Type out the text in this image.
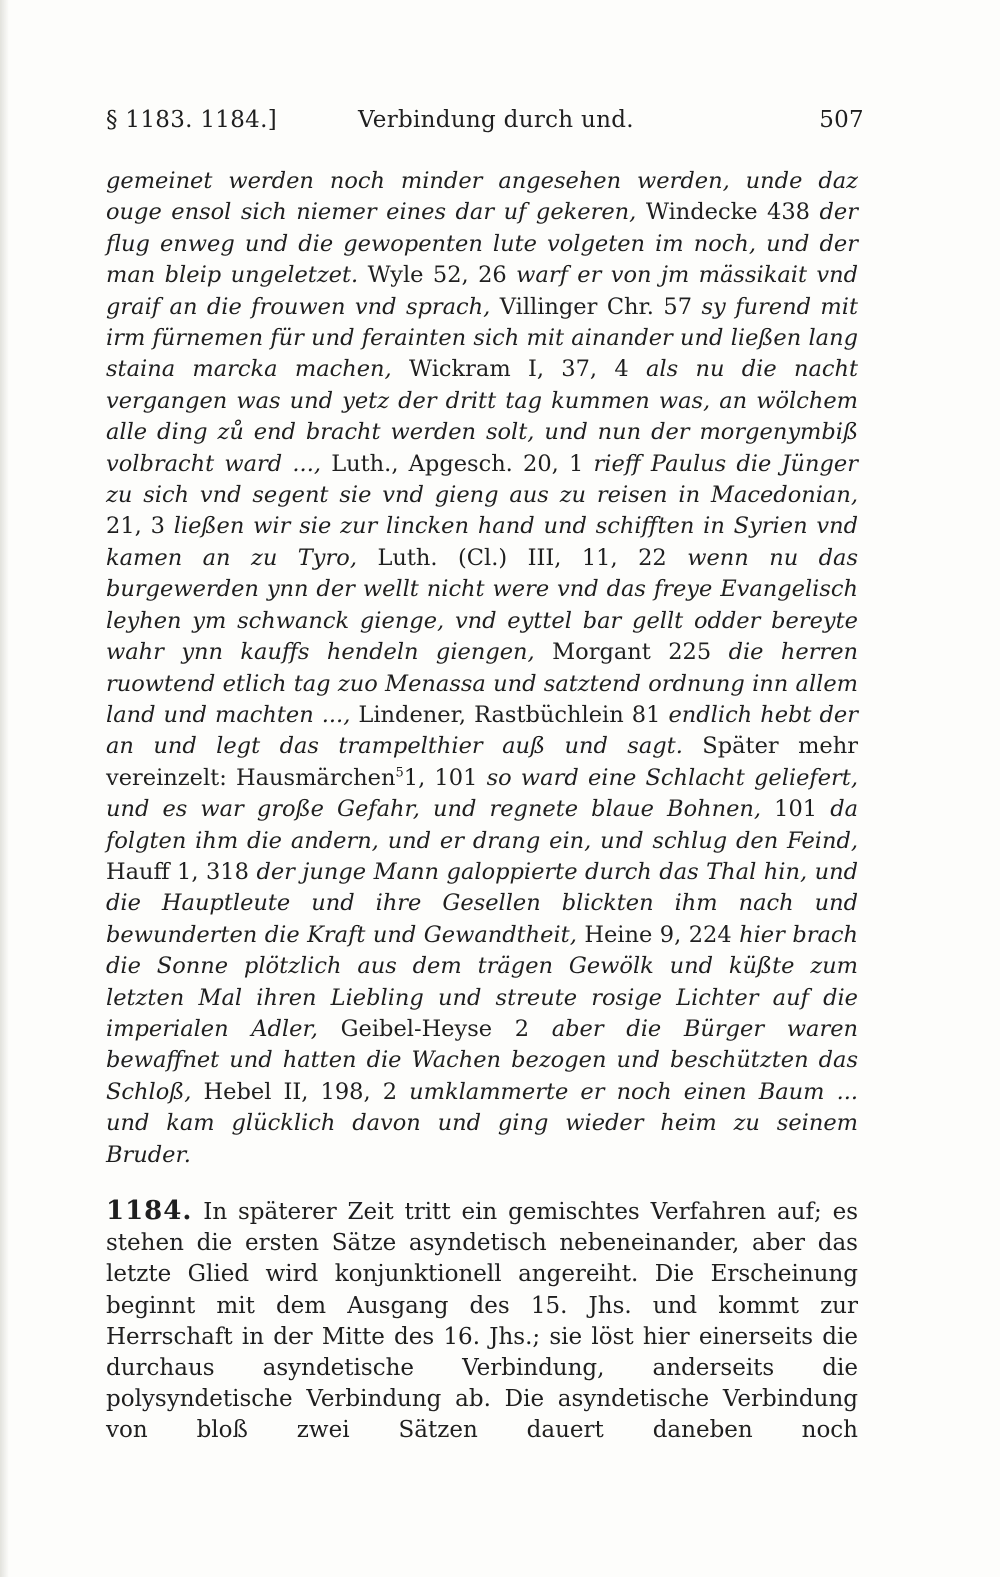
§ 1183. 1184.]	Verbindung durch und.	507
gemeinet werden noch minder angesehen werden, unde daz ouge ensol sich niemer eines dar uf gekeren, Windecke 438 der flug enweg und die gewopenten lute volgeten im noch, und der man bleip ungeletzet. Wyle 52, 26 warf er von jm mässikait vnd graif an die frouwen vnd sprach, Villinger Chr. 57 sy furend mit irm fürnemen für und ferainten sich mit ainander und ließen lang staina marcka machen, Wickram I, 37, 4 als nu die nacht vergangen was und yetz der dritt tag kummen was, an wölchem alle ding zů end bracht werden solt, und nun der morgenymbiß volbracht ward ..., Luth., Apgesch. 20, 1 rieff Paulus die Jünger zu sich vnd segent sie vnd gieng aus zu reisen in Macedonian, 21, 3 ließen wir sie zur lincken hand und schifften in Syrien vnd kamen an zu Tyro, Luth. (Cl.) III, 11, 22 wenn nu das burgewerden ynn der wellt nicht were vnd das freye Evangelisch leyhen ym schwanck gienge, vnd eyttel bar gellt odder bereyte wahr ynn kauffs hendeln giengen, Morgant 225 die herren ruowtend etlich tag zuo Menassa und satztend ordnung inn allem land und machten ..., Lindener, Rastbüchlein 81 endlich hebt der an und legt das trampelthier auß und sagt. Später mehr vereinzelt: Hausmärchen$^5$1, 101 so ward eine Schlacht geliefert, und es war große Gefahr, und regnete blaue Bohnen, 101 da folgten ihm die andern, und er drang ein, und schlug den Feind, Hauff 1, 318 der junge Mann galoppierte durch das Thal hin, und die Hauptleute und ihre Gesellen blickten ihm nach und bewunderten die Kraft und Gewandtheit, Heine 9, 224 hier brach die Sonne plötzlich aus dem trägen Gewölk und küßte zum letzten Mal ihren Liebling und streute rosige Lichter auf die imperialen Adler, Geibel-Heyse 2 aber die Bürger waren bewaffnet und hatten die Wachen bezogen und beschützten das Schloß, Hebel II, 198, 2 umklammerte er noch einen Baum ... und kam glücklich davon und ging wieder heim zu seinem Bruder.
1184. In späterer Zeit tritt ein gemischtes Verfahren auf; es stehen die ersten Sätze asyndetisch nebeneinander, aber das letzte Glied wird konjunktionell angereiht. Die Erscheinung beginnt mit dem Ausgang des 15. Jhs. und kommt zur Herrschaft in der Mitte des 16. Jhs.; sie löst hier einerseits die durchaus asyndetische Verbindung, anderseits die polysyndetische Verbindung ab. Die asyndetische Verbindung von bloß zwei Sätzen dauert daneben noch
